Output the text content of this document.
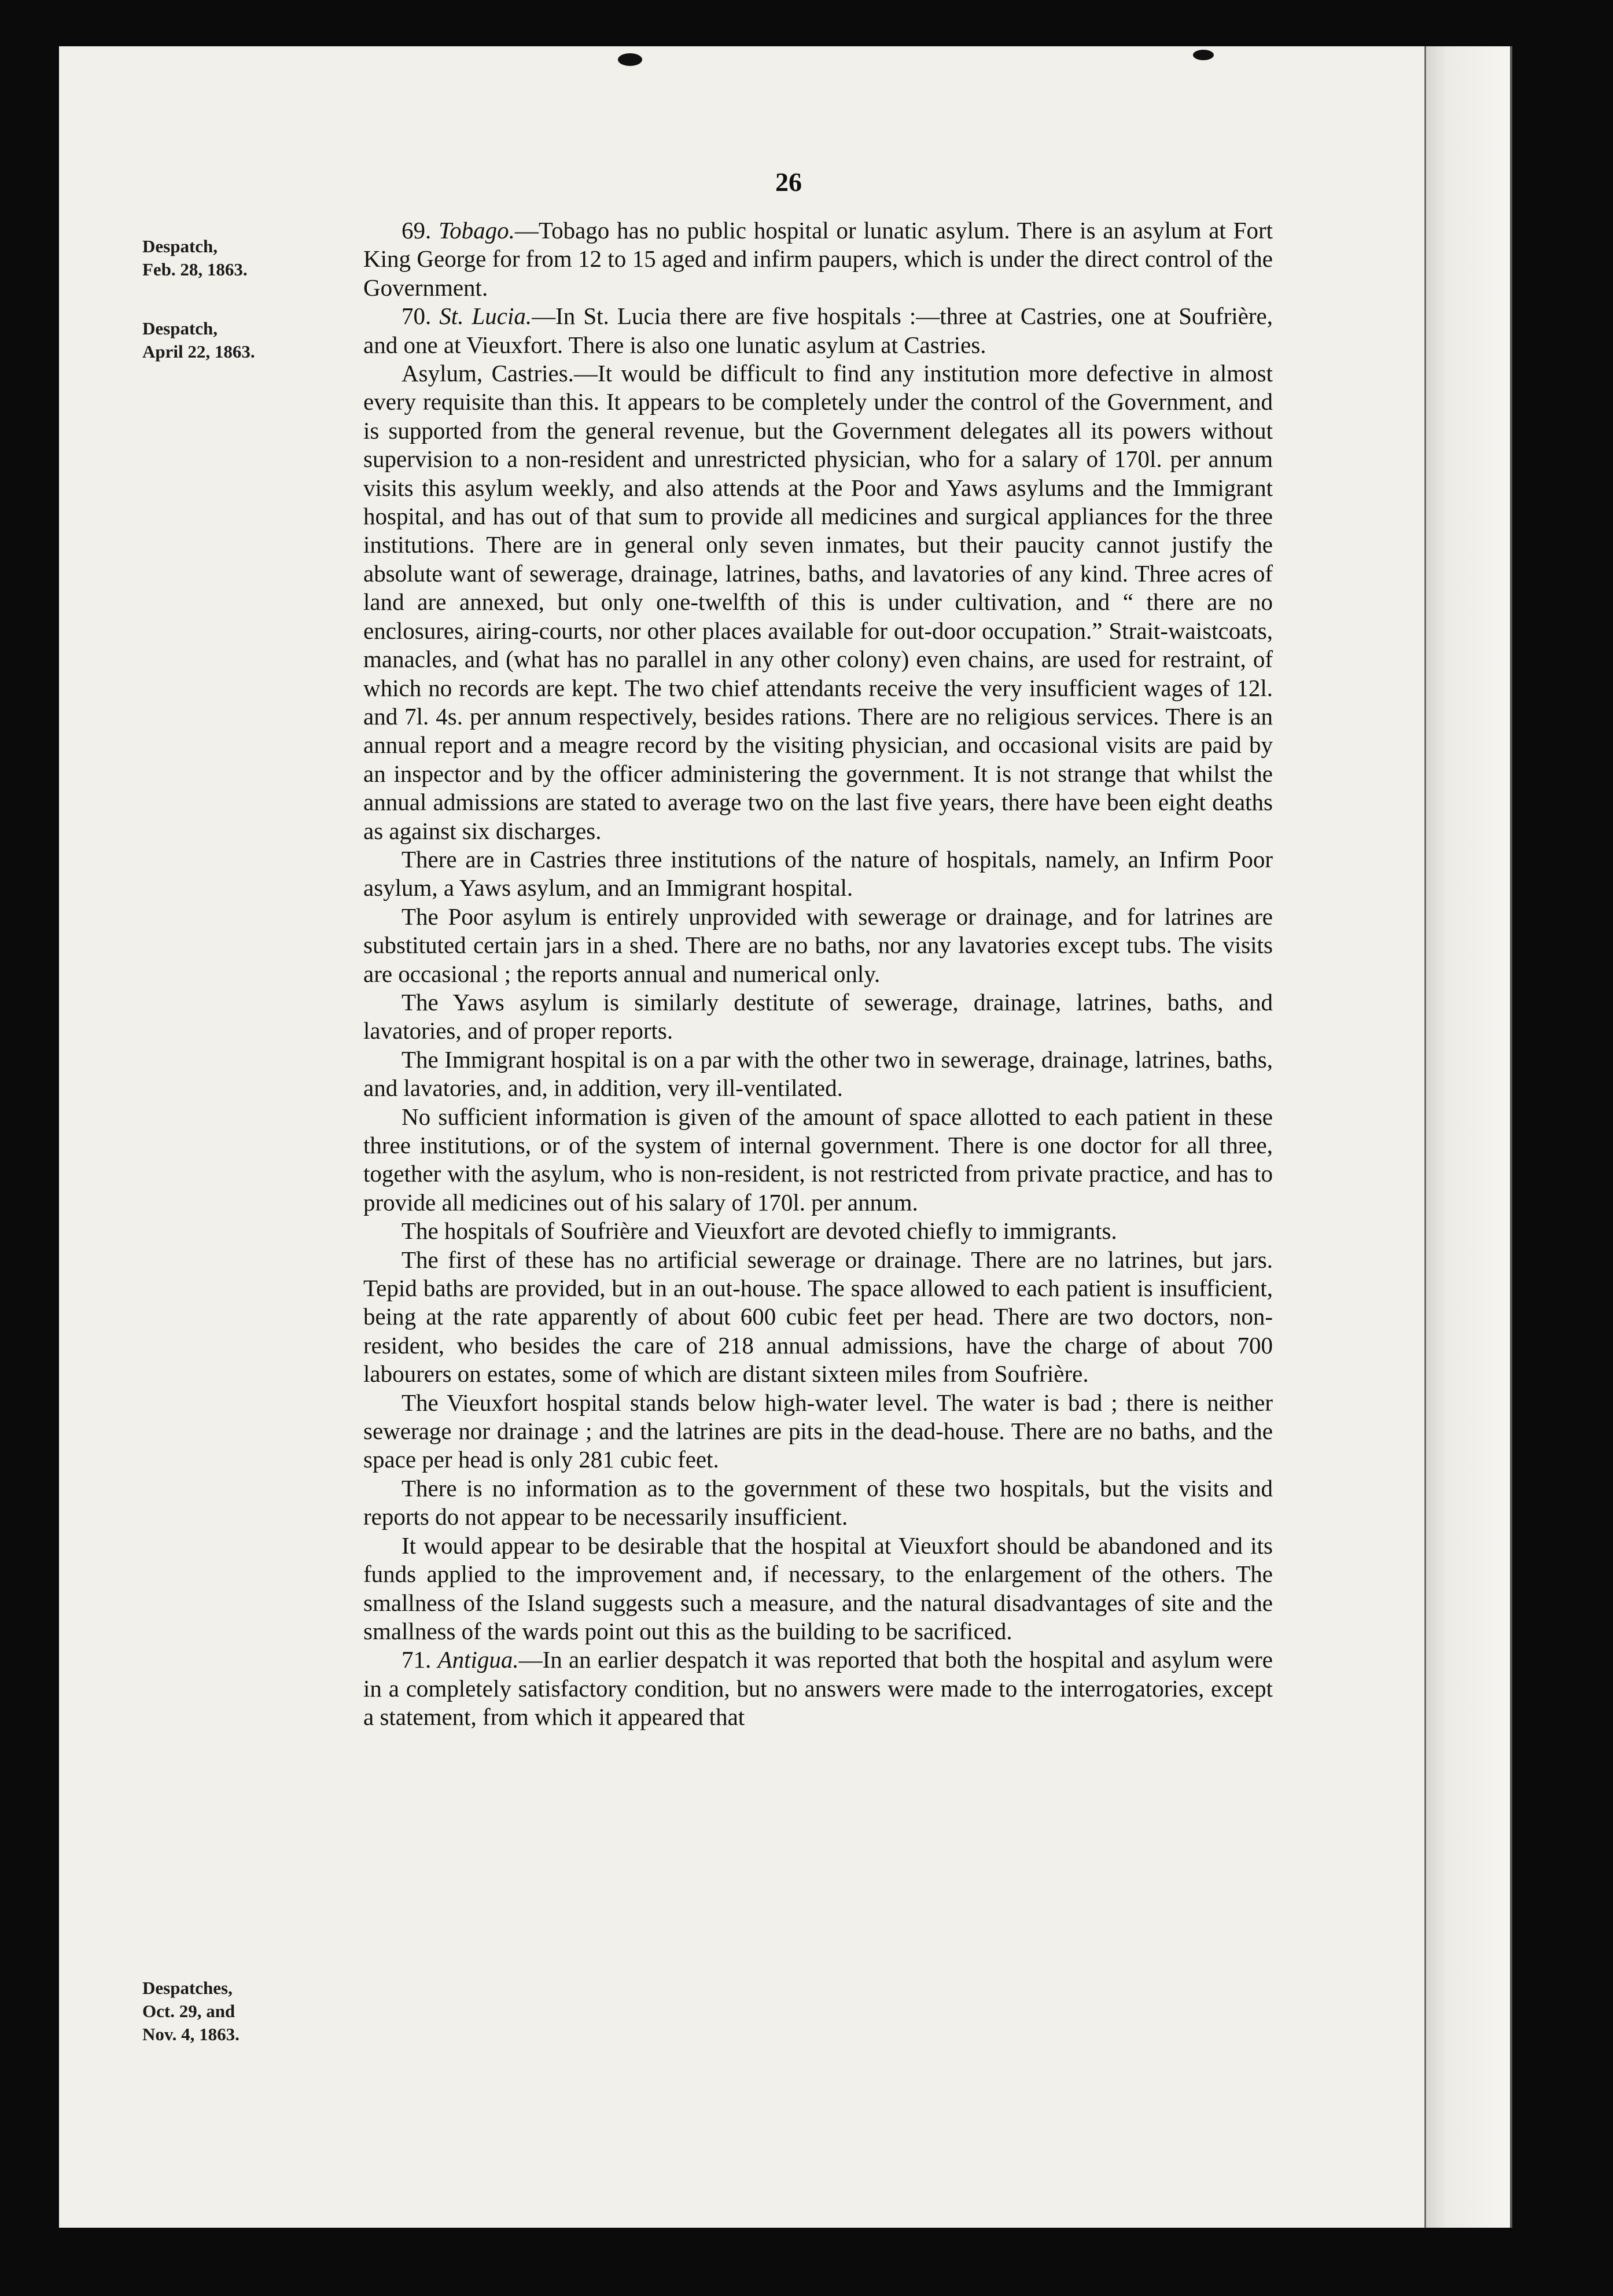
26
Despatch,
Feb. 28, 1863.
Despatch,
April 22, 1863.
Despatches,
Oct. 29, and
Nov. 4, 1863.

69. Tobago.—Tobago has no public hospital or lunatic asylum. There is an asylum at Fort King George for from 12 to 15 aged and infirm paupers, which is under the direct control of the Government.

70. St. Lucia.—In St. Lucia there are five hospitals :—three at Castries, one at Soufrière, and one at Vieuxfort. There is also one lunatic asylum at Castries.

Asylum, Castries.—It would be difficult to find any institution more defective in almost every requisite than this. It appears to be completely under the control of the Government, and is supported from the general revenue, but the Government delegates all its powers without supervision to a non-resident and unrestricted physician, who for a salary of 170l. per annum visits this asylum weekly, and also attends at the Poor and Yaws asylums and the Immigrant hospital, and has out of that sum to provide all medicines and surgical appliances for the three institutions. There are in general only seven inmates, but their paucity cannot justify the absolute want of sewerage, drainage, latrines, baths, and lavatories of any kind. Three acres of land are annexed, but only one-twelfth of this is under cultivation, and “ there are no enclosures, airing-courts, nor other places available for out-door occupation.” Strait-waistcoats, manacles, and (what has no parallel in any other colony) even chains, are used for restraint, of which no records are kept. The two chief attendants receive the very insufficient wages of 12l. and 7l. 4s. per annum respectively, besides rations. There are no religious services. There is an annual report and a meagre record by the visiting physician, and occasional visits are paid by an inspector and by the officer administering the government. It is not strange that whilst the annual admissions are stated to average two on the last five years, there have been eight deaths as against six discharges.

There are in Castries three institutions of the nature of hospitals, namely, an Infirm Poor asylum, a Yaws asylum, and an Immigrant hospital.

The Poor asylum is entirely unprovided with sewerage or drainage, and for latrines are substituted certain jars in a shed. There are no baths, nor any lavatories except tubs. The visits are occasional ; the reports annual and numerical only.

The Yaws asylum is similarly destitute of sewerage, drainage, latrines, baths, and lavatories, and of proper reports.

The Immigrant hospital is on a par with the other two in sewerage, drainage, latrines, baths, and lavatories, and, in addition, very ill-ventilated.

No sufficient information is given of the amount of space allotted to each patient in these three institutions, or of the system of internal government. There is one doctor for all three, together with the asylum, who is non-resident, is not restricted from private practice, and has to provide all medicines out of his salary of 170l. per annum.

The hospitals of Soufrière and Vieuxfort are devoted chiefly to immigrants.

The first of these has no artificial sewerage or drainage. There are no latrines, but jars. Tepid baths are provided, but in an out-house. The space allowed to each patient is insufficient, being at the rate apparently of about 600 cubic feet per head. There are two doctors, non-resident, who besides the care of 218 annual admissions, have the charge of about 700 labourers on estates, some of which are distant sixteen miles from Soufrière.

The Vieuxfort hospital stands below high-water level. The water is bad ; there is neither sewerage nor drainage ; and the latrines are pits in the dead-house. There are no baths, and the space per head is only 281 cubic feet.

There is no information as to the government of these two hospitals, but the visits and reports do not appear to be necessarily insufficient.

It would appear to be desirable that the hospital at Vieuxfort should be abandoned and its funds applied to the improvement and, if necessary, to the enlargement of the others. The smallness of the Island suggests such a measure, and the natural disadvantages of site and the smallness of the wards point out this as the building to be sacrificed.

71. Antigua.—In an earlier despatch it was reported that both the hospital and asylum were in a completely satisfactory condition, but no answers were made to the interrogatories, except a statement, from which it appeared that
